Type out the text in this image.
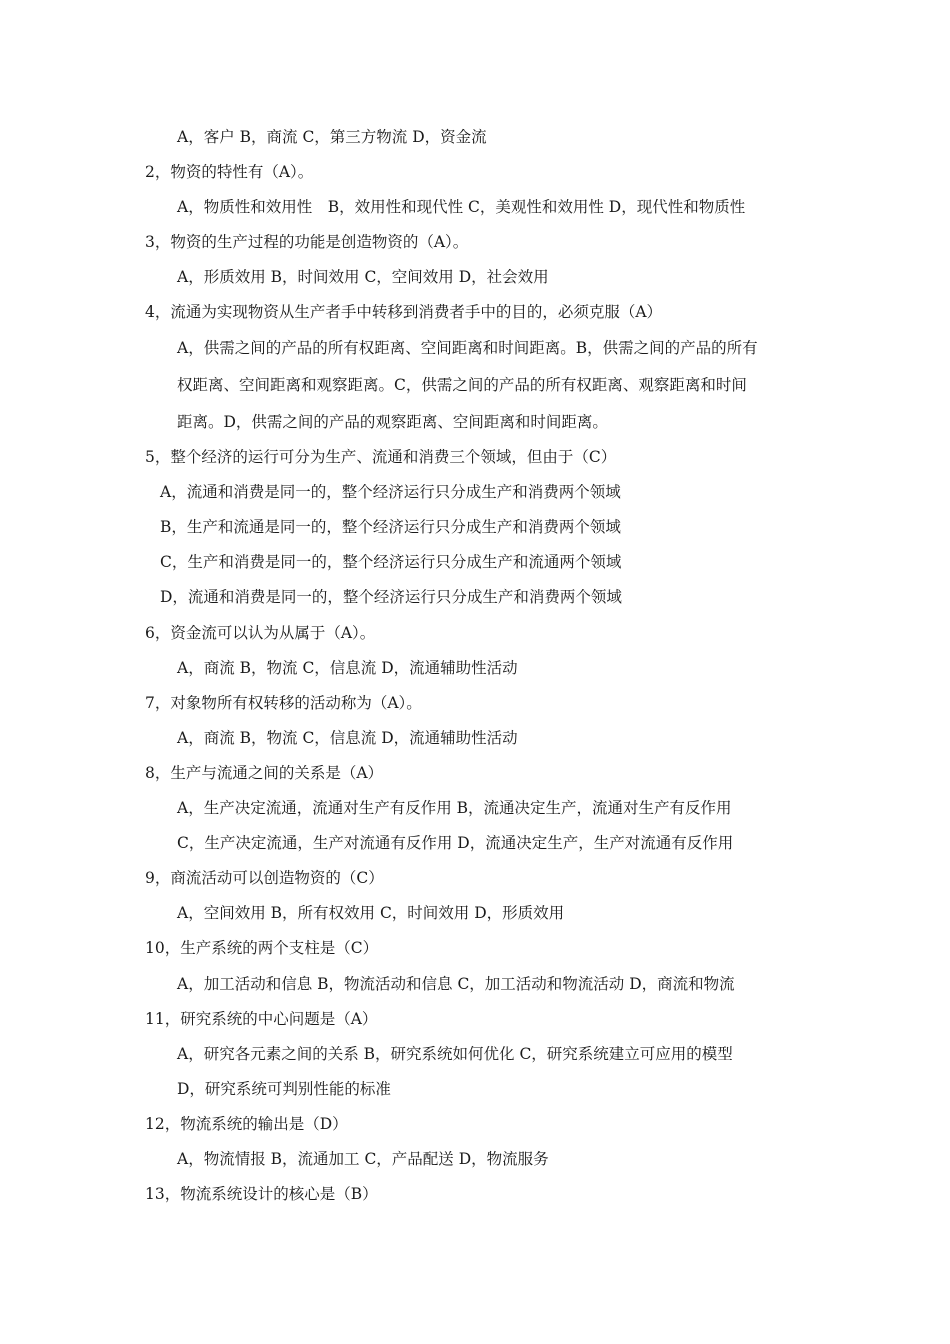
A，客户 B，商流 C，第三方物流 D，资金流
2，物资的特性有（A）。
A，物质性和效用性　B，效用性和现代性 C，美观性和效用性 D，现代性和物质性
3，物资的生产过程的功能是创造物资的（A）。
A，形质效用 B，时间效用 C，空间效用 D，社会效用
4，流通为实现物资从生产者手中转移到消费者手中的目的，必须克服（A）
A，供需之间的产品的所有权距离、空间距离和时间距离。B，供需之间的产品的所有
权距离、空间距离和观察距离。C，供需之间的产品的所有权距离、观察距离和时间
距离。D，供需之间的产品的观察距离、空间距离和时间距离。
5，整个经济的运行可分为生产、流通和消费三个领域，但由于（C）
A，流通和消费是同一的，整个经济运行只分成生产和消费两个领域
B，生产和流通是同一的，整个经济运行只分成生产和消费两个领域
C，生产和消费是同一的，整个经济运行只分成生产和流通两个领域
D，流通和消费是同一的，整个经济运行只分成生产和消费两个领域
6，资金流可以认为从属于（A）。
A，商流 B，物流 C，信息流 D，流通辅助性活动
7，对象物所有权转移的活动称为（A）。
A，商流 B，物流 C，信息流 D，流通辅助性活动
8，生产与流通之间的关系是（A）
A，生产决定流通，流通对生产有反作用 B，流通决定生产，流通对生产有反作用
C，生产决定流通，生产对流通有反作用 D，流通决定生产，生产对流通有反作用
9，商流活动可以创造物资的（C）
A，空间效用 B，所有权效用 C，时间效用 D，形质效用
10，生产系统的两个支柱是（C）
A，加工活动和信息 B，物流活动和信息 C，加工活动和物流活动 D，商流和物流
11，研究系统的中心问题是（A）
A，研究各元素之间的关系 B，研究系统如何优化 C，研究系统建立可应用的模型
D，研究系统可判别性能的标准
12，物流系统的输出是（D）
A，物流情报 B，流通加工 C，产品配送 D，物流服务
13，物流系统设计的核心是（B）
